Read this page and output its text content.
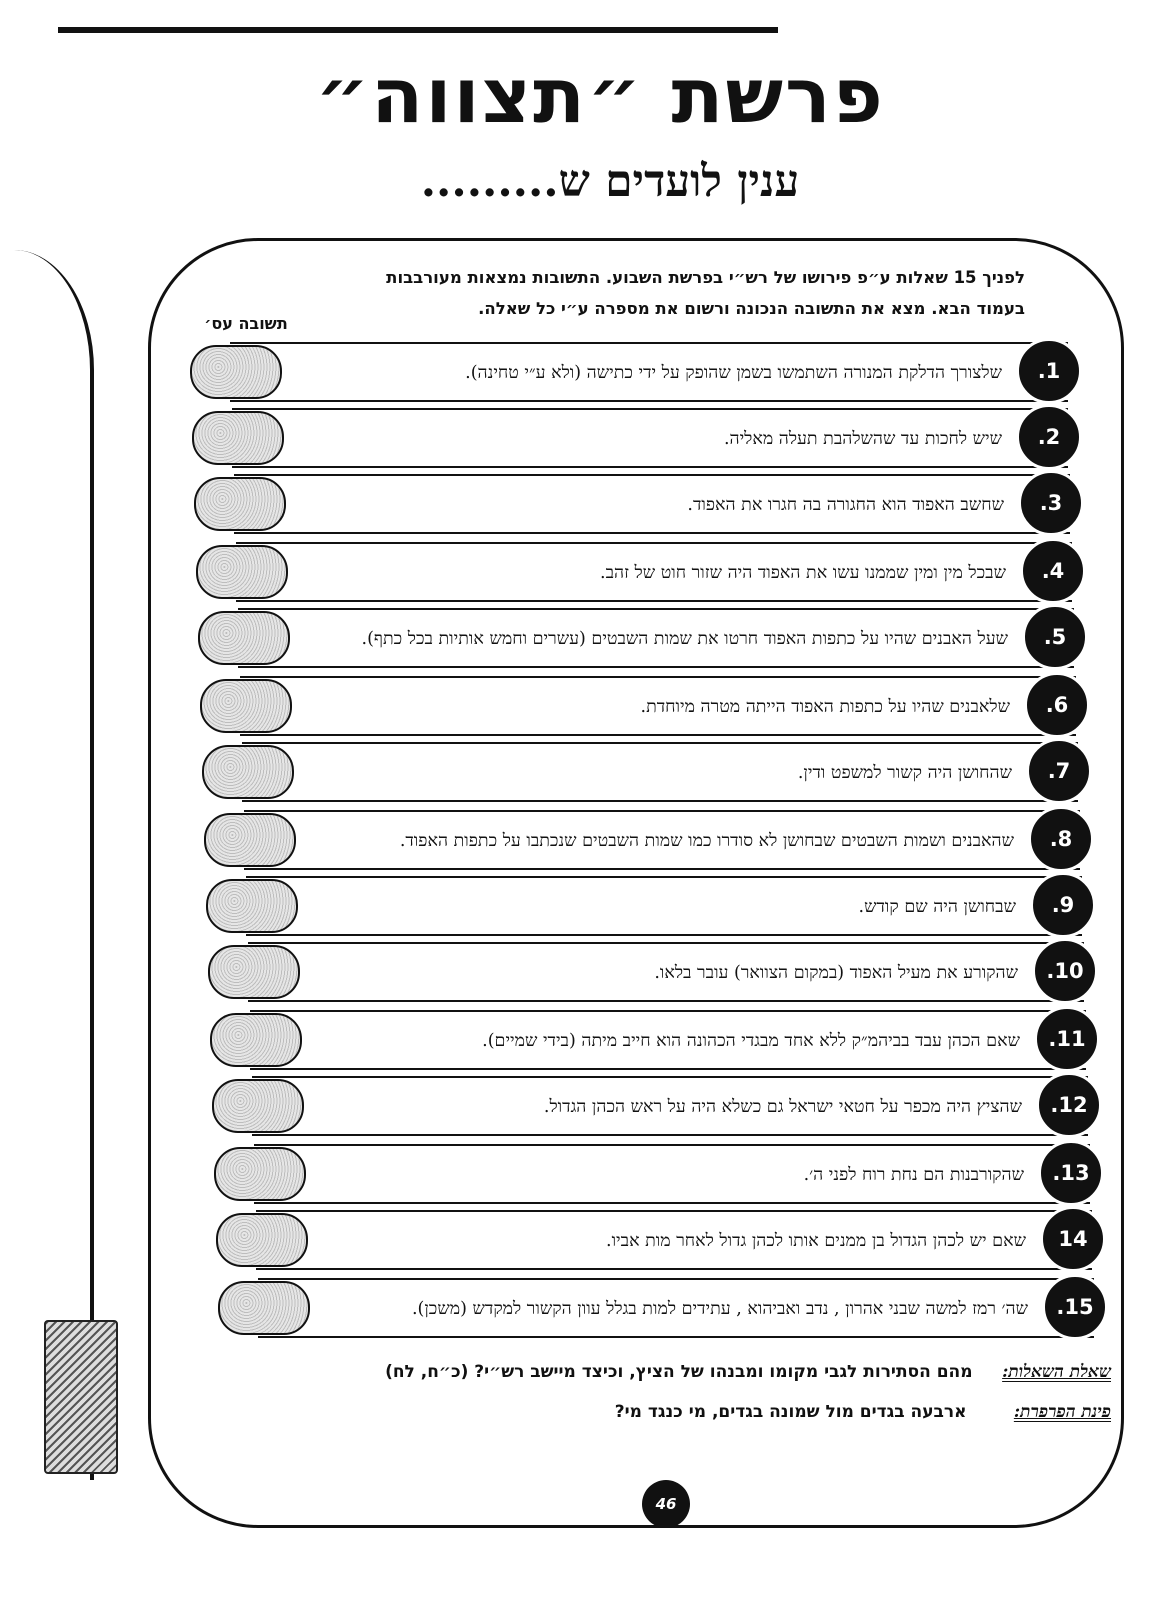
פרשת ״תצווה״
ענין לועדים ש.........
לפניך 15 שאלות ע״פ פירושו של רש״י בפרשת השבוע. התשובות נמצאות מעורבבות
בעמוד הבא. מצא את התשובה הנכונה ורשום את מספרה ע״י כל שאלה.
תשובה עס׳
שלצורך הדלקת המנורה השתמשו בשמן שהופק על ידי כתישה (ולא ע״י טחינה).	.1
שיש לחכות עד שהשלהבת תעלה מאליה.	.2
שחשב האפוד הוא החגורה בה חגרו את האפוד.	.3
שבכל מין ומין שממנו עשו את האפוד היה שזור חוט של זהב.	.4
שעל האבנים שהיו על כתפות האפוד חרטו את שמות השבטים (עשרים וחמש אותיות בכל כתף).	.5
שלאבנים שהיו על כתפות האפוד הייתה מטרה מיוחדת.	.6
שהחושן היה קשור למשפט ודין.	.7
שהאבנים ושמות השבטים שבחושן לא סודרו כמו שמות השבטים שנכתבו על כתפות האפוד.	.8
שבחושן היה שם קודש.	.9
שהקורע את מעיל האפוד (במקום הצוואר) עובר בלאו.	.10
שאם הכהן עבד בביהמ״ק ללא אחד מבגדי הכהונה הוא חייב מיתה (בידי שמיים).	.11
שהציץ היה מכפר על חטאי ישראל גם כשלא היה על ראש הכהן הגדול.	.12
שהקורבנות הם נחת רוח לפני ה׳.	.13
שאם יש לכהן הגדול בן ממנים אותו לכהן גדול לאחר מות אביו.	14
שה׳ רמז למשה שבני אהרון , נדב ואביהוא , עתידים למות בגלל עוון הקשור למקדש (משכן).	.15
שאלת השאלות:     מהם הסתירות לגבי מקומו ומבנהו של הציץ, וכיצד מיישב רש״י? (כ״ח, לח)
פינת הפרפרת:        ארבעה בגדים מול שמונה בגדים, מי כנגד מי?
46
